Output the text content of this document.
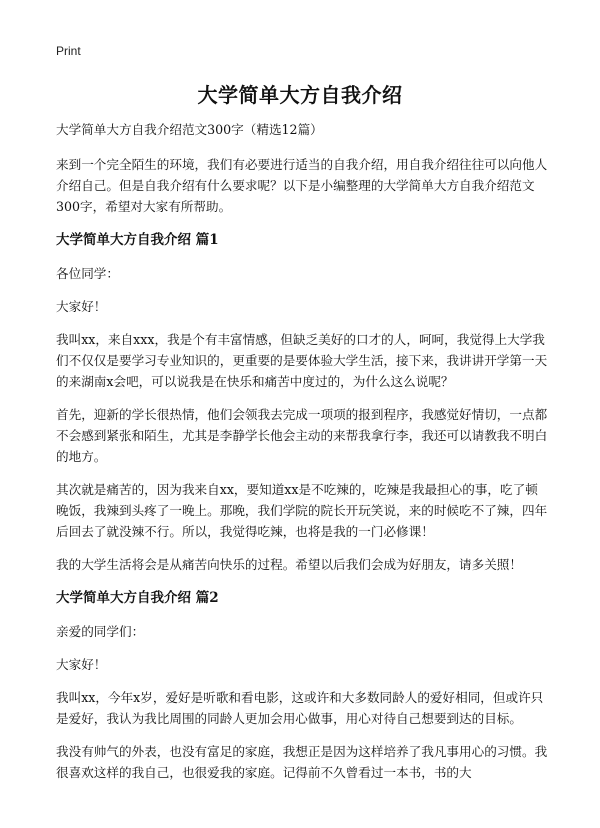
Print
大学简单大方自我介绍

大学简单大方自我介绍范文300字（精选12篇）

来到一个完全陌生的环境，我们有必要进行适当的自我介绍，用自我介绍往往可以向他人介绍自己。但是自我介绍有什么要求呢？以下是小编整理的大学简单大方自我介绍范文300字，希望对大家有所帮助。

大学简单大方自我介绍 篇1

各位同学：

大家好！

我叫xx，来自xxx，我是个有丰富情感，但缺乏美好的口才的人，呵呵，我觉得上大学我们不仅仅是要学习专业知识的，更重要的是要体验大学生活，接下来，我讲讲开学第一天的来湖南x会吧，可以说我是在快乐和痛苦中度过的，为什么这么说呢？

首先，迎新的学长很热情，他们会领我去完成一项项的报到程序，我感觉好情切，一点都不会感到紧张和陌生，尤其是李静学长他会主动的来帮我拿行李，我还可以请教我不明白的地方。

其次就是痛苦的，因为我来自xx，要知道xx是不吃辣的，吃辣是我最担心的事，吃了顿晚饭，我辣到头疼了一晚上。那晚，我们学院的院长开玩笑说，来的时候吃不了辣，四年后回去了就没辣不行。所以，我觉得吃辣，也将是我的一门必修课！

我的大学生活将会是从痛苦向快乐的过程。希望以后我们会成为好朋友，请多关照！

大学简单大方自我介绍 篇2

亲爱的同学们：

大家好！

我叫xx，今年x岁，爱好是听歌和看电影，这或许和大多数同龄人的爱好相同，但或许只是爱好，我认为我比周围的同龄人更加会用心做事，用心对待自己想要到达的目标。

我没有帅气的外表，也没有富足的家庭，我想正是因为这样培养了我凡事用心的习惯。我很喜欢这样的我自己，也很爱我的家庭。记得前不久曾看过一本书，书的大
